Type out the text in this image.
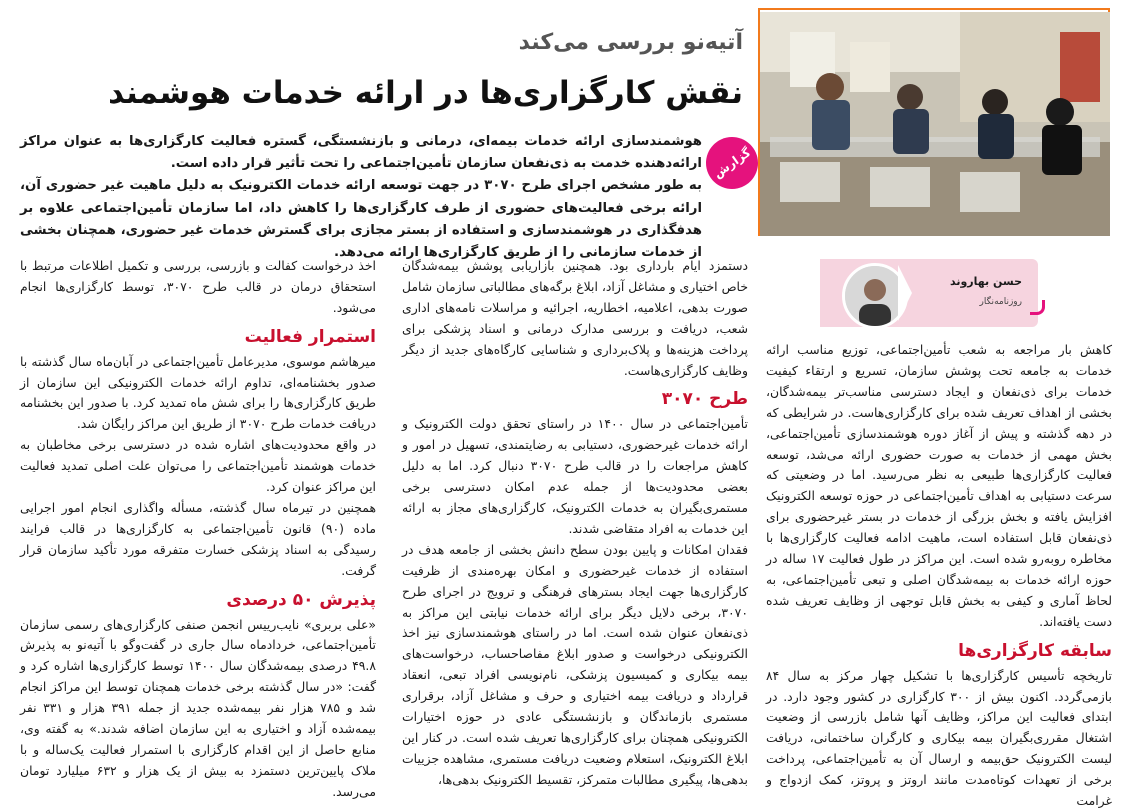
آتیه‌نو بررسی می‌کند
نقش کارگزاری‌ها در ارائه خدمات هوشمند
هوشمندسازی ارائه خدمات بیمه‌ای، درمانی و بازنشستگی، گستره فعالیت کارگزاری‌ها به عنوان مراکز ارائه‌دهنده خدمت به ذی‌نفعان سازمان تأمین‌اجتماعی را تحت تأثیر قرار داده است.
به طور مشخص اجرای طرح ۳۰۷۰ در جهت توسعه ارائه خدمات الکترونیک به دلیل ماهیت غیر حضوری آن، ارائه برخی فعالیت‌های حضوری از طرف کارگزاری‌ها را کاهش داد، اما سازمان تأمین‌اجتماعی علاوه بر هدفگذاری در هوشمندسازی و استفاده از بستر مجازی برای گسترش خدمات غیر حضوری، همچنان بخشی از خدمات سازمانی را از طریق کارگزاری‌ها ارائه می‌دهد.
گزارش
حسن بهاروند
روزنامه‌نگار

کاهش بار مراجعه به شعب تأمین‌اجتماعی، توزیع مناسب ارائه خدمات به جامعه تحت پوشش سازمان، تسریع و ارتقاء کیفیت خدمات برای ذی‌نفعان و ایجاد دسترسی مناسب‌تر بیمه‌شدگان، بخشی از اهداف تعریف شده برای کارگزاری‌هاست. در شرایطی که در دهه گذشته و پیش از آغاز دوره هوشمندسازی تأمین‌اجتماعی، بخش مهمی از خدمات به صورت حضوری ارائه می‌شد، توسعه فعالیت کارگزاری‌ها طبیعی به نظر می‌رسید. اما در وضعیتی که سرعت دستیابی به اهداف تأمین‌اجتماعی در حوزه توسعه الکترونیک افزایش یافته و بخش بزرگی از خدمات در بستر غیرحضوری برای ذی‌نفعان قابل استفاده است، ماهیت ادامه فعالیت کارگزاری‌ها با مخاطره روبه‌رو شده است. این مراکز در طول فعالیت ۱۷ ساله در حوزه ارائه خدمات به بیمه‌شدگان اصلی و تبعی تأمین‌اجتماعی، به لحاظ آماری و کیفی به بخش قابل توجهی از وظایف تعریف شده دست یافته‌اند.

سابقه کارگزاری‌ها

تاریخچه تأسیس کارگزاری‌ها با تشکیل چهار مرکز به سال ۸۴ بازمی‌گردد. اکنون بیش از ۳۰۰ کارگزاری در کشور وجود دارد. در ابتدای فعالیت این مراکز، وظایف آنها شامل بازرسی از وضعیت اشتغال مقرری‌بگیران بیمه بیکاری و کارگران ساختمانی، دریافت لیست الکترونیک حق‌بیمه و ارسال آن به تأمین‌اجتماعی، پرداخت برخی از تعهدات کوتاه‌مدت مانند اروتز و پروتز، کمک ازدواج و غرامت

دستمزد ایام بارداری بود. همچنین بازاریابی پوشش بیمه‌شدگان خاص اختیاری و مشاغل آزاد، ابلاغ برگه‌های مطالباتی سازمان شامل صورت بدهی، اعلامیه، اخطاریه، اجرائیه و مراسلات نامه‌های اداری شعب، دریافت و بررسی مدارک درمانی و اسناد پزشکی برای پرداخت هزینه‌ها و پلاک‌برداری و شناسایی کارگاه‌های جدید از دیگر وظایف کارگزاری‌هاست.

طرح ۳۰۷۰

تأمین‌اجتماعی در سال ۱۴۰۰ در راستای تحقق دولت الکترونیک و ارائه خدمات غیرحضوری، دستیابی به رضایتمندی، تسهیل در امور و کاهش مراجعات را در قالب طرح ۳۰۷۰ دنبال کرد. اما به دلیل بعضی محدودیت‌ها از جمله عدم امکان دسترسی برخی مستمری‌بگیران به خدمات الکترونیک، کارگزاری‌های مجاز به ارائه این خدمات به افراد متقاضی شدند.

فقدان امکانات و پایین بودن سطح دانش بخشی از جامعه هدف در استفاده از خدمات غیرحضوری و امکان بهره‌مندی از ظرفیت کارگزاری‌ها جهت ایجاد بسترهای فرهنگی و ترویج در اجرای طرح ۳۰۷۰، برخی دلایل دیگر برای ارائه خدمات نیابتی این مراکز به ذی‌نفعان عنوان شده است. اما در راستای هوشمندسازی نیز اخذ الکترونیکی درخواست و صدور ابلاغ مفاصاحساب، درخواست‌های بیمه بیکاری و کمیسیون پزشکی، نام‌نویسی افراد تبعی، انعقاد قرارداد و دریافت بیمه اختیاری و حرف و مشاغل آزاد، برقراری مستمری بازماندگان و بازنشستگی عادی در حوزه اختیارات الکترونیکی همچنان برای کارگزاری‌ها تعریف شده است. در کنار این ابلاغ الکترونیک، استعلام وضعیت دریافت مستمری، مشاهده جزییات بدهی‌ها، پیگیری مطالبات متمرکز، تقسیط الکترونیک بدهی‌ها،

اخذ درخواست کفالت و بازرسی، بررسی و تکمیل اطلاعات مرتبط با استحقاق درمان در قالب طرح ۳۰۷۰، توسط کارگزاری‌ها انجام می‌شود.

استمرار فعالیت

میرهاشم موسوی، مدیرعامل تأمین‌اجتماعی در آبان‌ماه سال گذشته با صدور بخشنامه‌ای، تداوم ارائه خدمات الکترونیکی این سازمان از طریق کارگزاری‌ها را برای شش ماه تمدید کرد. با صدور این بخشنامه دریافت خدمات طرح ۳۰۷۰ از طریق این مراکز رایگان شد.

در واقع محدودیت‌های اشاره شده در دسترسی برخی مخاطبان به خدمات هوشمند تأمین‌اجتماعی را می‌توان علت اصلی تمدید فعالیت این مراکز عنوان کرد.

همچنین در تیرماه سال گذشته، مسأله واگذاری انجام امور اجرایی ماده (۹۰) قانون تأمین‌اجتماعی به کارگزاری‌ها در قالب فرایند رسیدگی به اسناد پزشکی خسارت متفرقه مورد تأکید سازمان قرار گرفت.

پذیرش ۵۰ درصدی

«علی بربری» نایب‌رییس انجمن صنفی کارگزاری‌های رسمی سازمان تأمین‌اجتماعی، خردادماه سال جاری در گفت‌وگو با آتیه‌نو به پذیرش ۴۹.۸ درصدی بیمه‌شدگان سال ۱۴۰۰ توسط کارگزاری‌ها اشاره کرد و گفت: «در سال گذشته برخی خدمات همچنان توسط این مراکز انجام شد و ۷۸۵ هزار نفر بیمه‌شده جدید از جمله ۳۹۱ هزار و ۳۳۱ نفر بیمه‌شده آزاد و اختیاری به این سازمان اضافه شدند.» به گفته وی، منابع حاصل از این اقدام کارگزاری با استمرار فعالیت یک‌ساله و با ملاک پایین‌ترین دستمزد به بیش از یک هزار و ۶۳۲ میلیارد تومان می‌رسد.
